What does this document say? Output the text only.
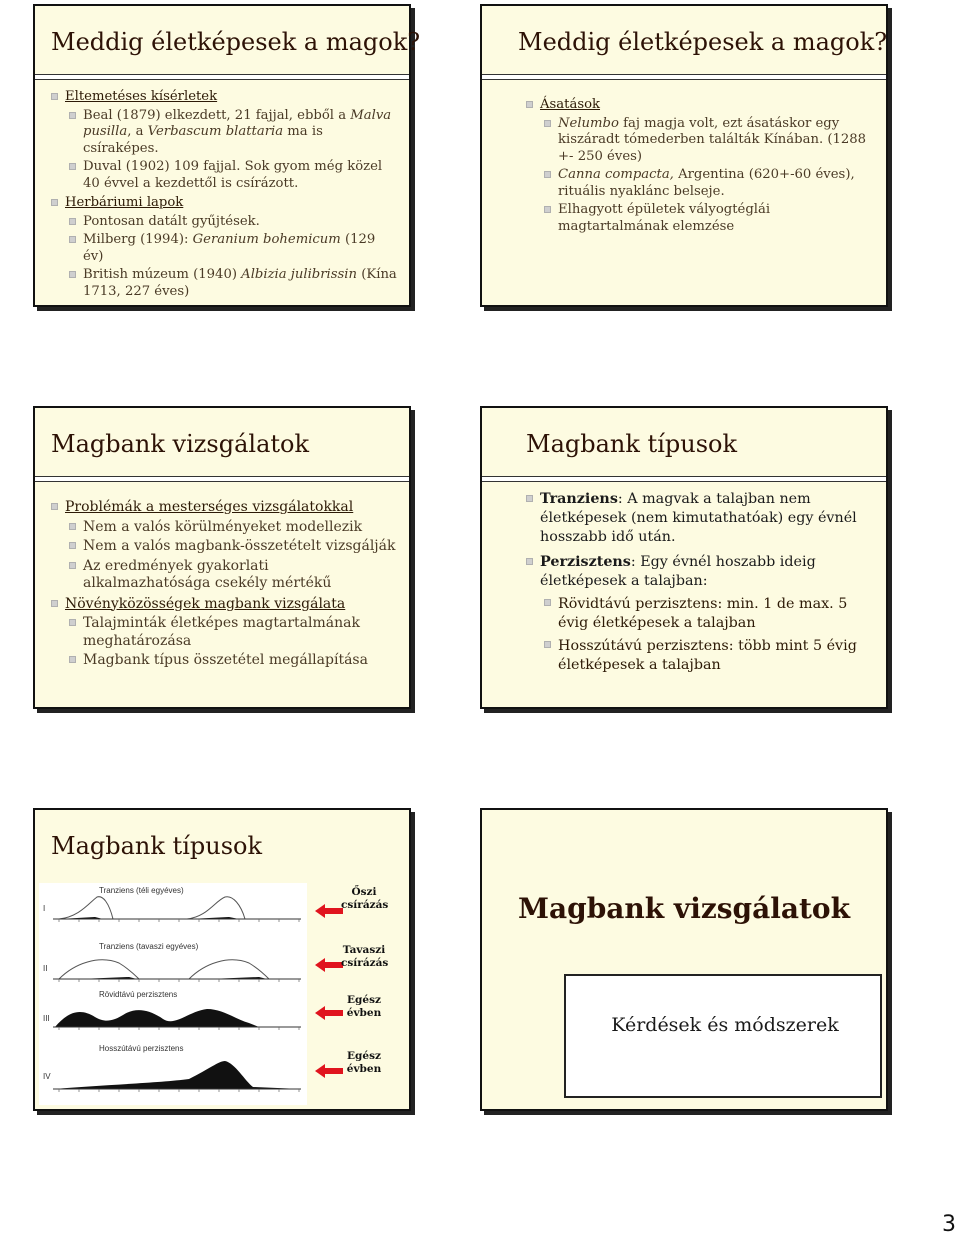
Meddig életképesek a magok?
Eltemetéses kísérletek
Beal (1879) elkezdett, 21 fajjal, ebből a Malva pusilla, a Verbascum blattaria ma is csíraképes.
Duval (1902) 109 fajjal. Sok gyom még közel 40 évvel a kezdettől is csírázott.
Herbáriumi lapok
Pontosan datált gyűjtések.
Milberg (1994): Geranium bohemicum (129 év)
British múzeum (1940) Albizia julibrissin (Kína 1713, 227 éves)
Meddig életképesek a magok?
Ásatások
Nelumbo faj magja volt, ezt ásatáskor egy kiszáradt tómederben találták Kínában. (1288 +- 250 éves)
Canna compacta, Argentina (620+-60 éves), rituális nyaklánc belseje.
Elhagyott épületek vályogtéglái magtartalmának elemzése
Magbank vizsgálatok
Problémák a mesterséges vizsgálatokkal
Nem a valós körülményeket modellezik
Nem a valós magbank-összetételt vizsgálják
Az eredmények gyakorlati alkalmazhatósága csekély mértékű
Növényközösségek magbank vizsgálata
Talajminták életképes magtartalmának meghatározása
Magbank típus összetétel megállapítása
Magbank típusok
Tranziens: A magvak a talajban nem életképesek (nem kimutathatóak) egy évnél hosszabb idő után.
Perzisztens: Egy évnél hoszabb ideig életképesek a talajban:
Rövidtávú perzisztens: min. 1 de max. 5 évig életképesek a talajban
Hosszútávú perzisztens: több mint 5 évig életképesek a talajban
Magbank típusok
Tranziens (téli egyéves)
I
Tranziens (tavaszi egyéves)
II
Rövidtávú perzisztens
III
Hosszútávú perzisztens
IV
Őszi csírázás
Tavaszi csírázás
Egész évben
Egész évben
Magbank vizsgálatok
Kérdések és módszerek
3
